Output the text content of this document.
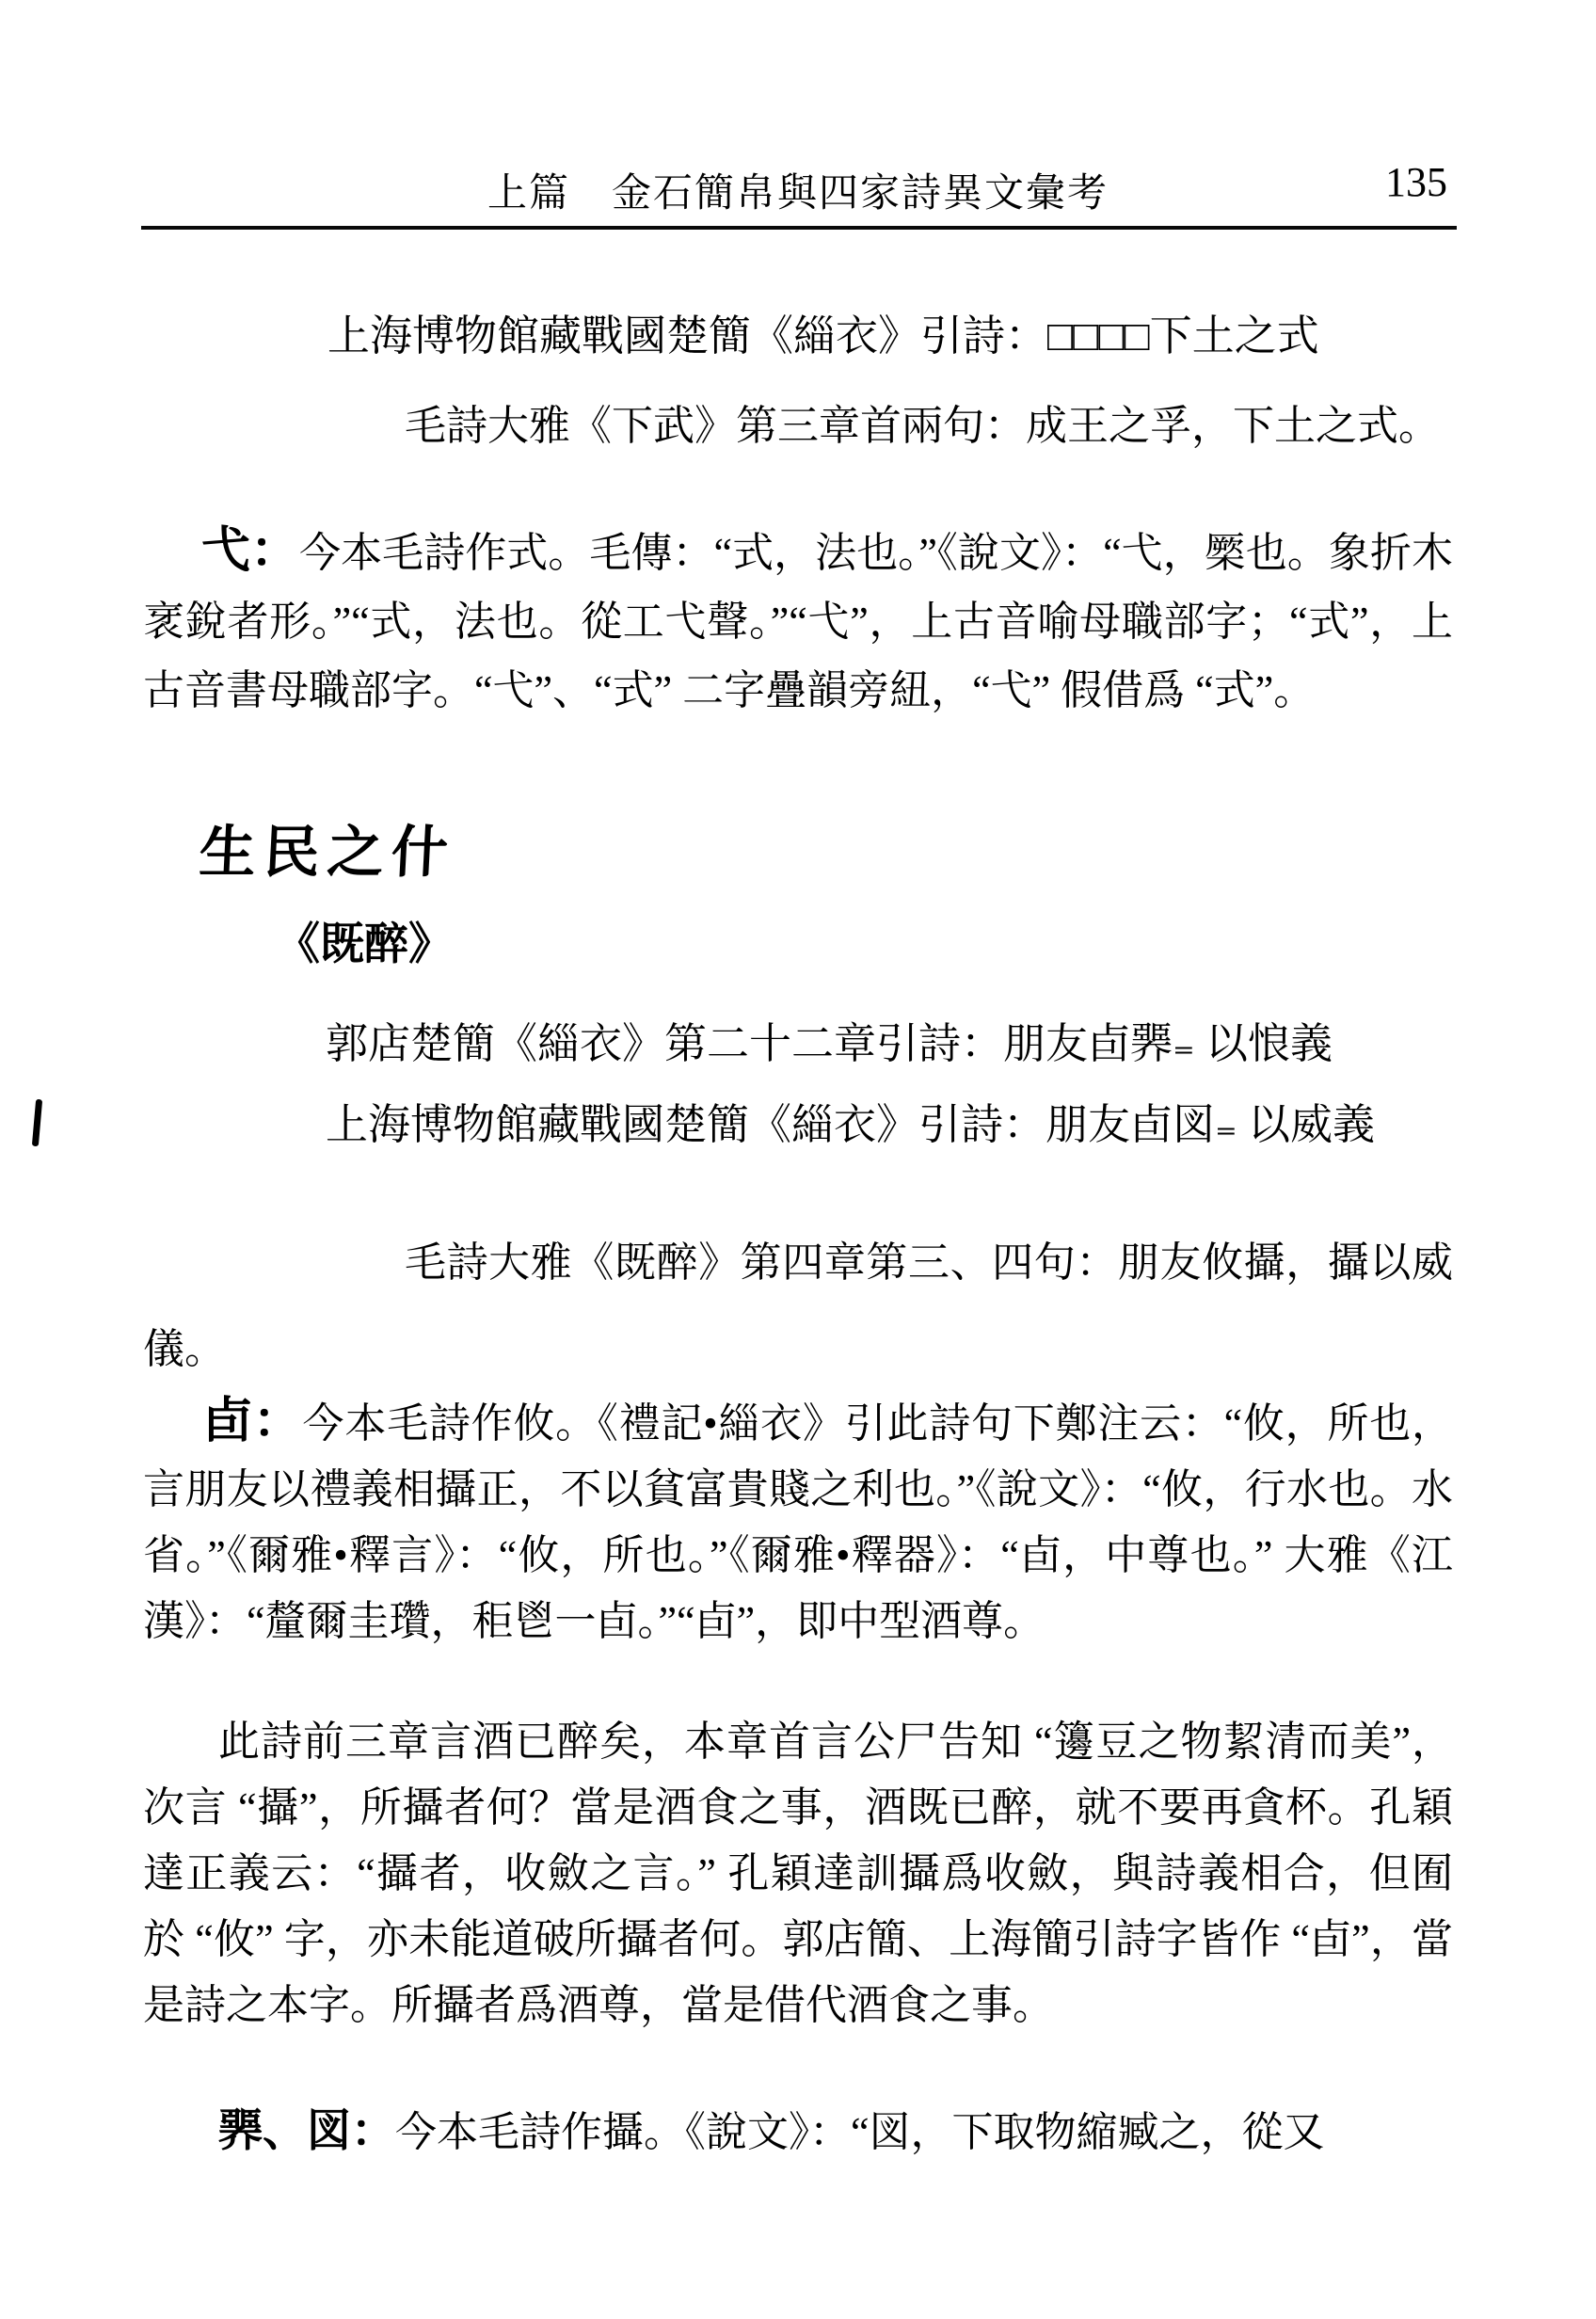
上篇　金石簡帛與四家詩異文彙考	135
上海博物館藏戰國楚簡《緇衣》引詩：□□□□下土之式
毛詩大雅《下武》第三章首兩句：成王之孚，下土之式。

弋：今本毛詩作式。毛傳：“式，法也。”《說文》：“弋，橜也。象折木衺銳者形。”“式，法也。從工弋聲。”“弋”，上古音喻母職部字；“式”，上古音書母職部字。“弋”、“式” 二字疊韻旁紐，“弋” 假借爲 “式”。

生民之什
《既醉》
郭店楚簡《緇衣》第二十二章引詩：朋友卣臩₌ 以悢義
上海博物館藏戰國楚簡《緇衣》引詩：朋友卣図₌ 以威義

毛詩大雅《既醉》第四章第三、四句：朋友攸攝，攝以威儀。

卣：今本毛詩作攸。《禮記•緇衣》引此詩句下鄭注云：“攸，所也，言朋友以禮義相攝正，不以貧富貴賤之利也。”《說文》：“攸，行水也。水省。”《爾雅•釋言》：“攸，所也。”《爾雅•釋器》：“卣，中尊也。” 大雅《江漢》：“釐爾圭瓚，秬鬯一卣。”“卣”，即中型酒尊。

此詩前三章言酒已醉矣，本章首言公尸告知 “籩豆之物絜清而美”，次言 “攝”，所攝者何？當是酒食之事，酒既已醉，就不要再貪杯。孔穎達正義云：“攝者，收斂之言。” 孔穎達訓攝爲收斂，與詩義相合，但囿於 “攸” 字，亦未能道破所攝者何。郭店簡、上海簡引詩字皆作 “卣”，當是詩之本字。所攝者爲酒尊，當是借代酒食之事。

臩、図：今本毛詩作攝。《說文》：“図，下取物縮臧之，從又
